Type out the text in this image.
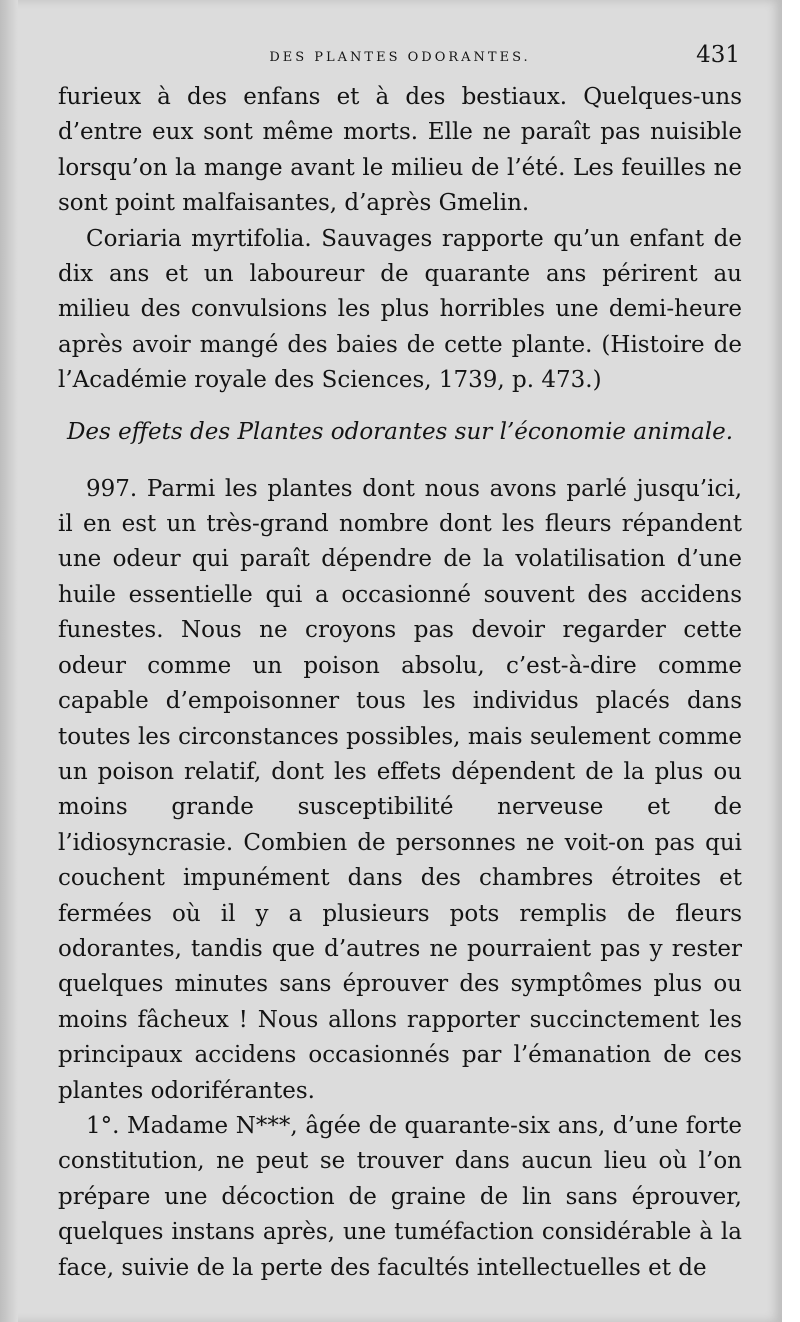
DES PLANTES ODORANTES.	431

furieux à des enfans et à des bestiaux. Quelques-uns d’entre eux sont même morts. Elle ne paraît pas nuisible lorsqu’on la mange avant le milieu de l’été. Les feuilles ne sont point malfaisantes, d’après Gmelin.

Coriaria myrtifolia. Sauvages rapporte qu’un enfant de dix ans et un laboureur de quarante ans périrent au milieu des convulsions les plus horribles une demi-heure après avoir mangé des baies de cette plante. (Histoire de l’Académie royale des Sciences, 1739, p. 473.)

Des effets des Plantes odorantes sur l’économie animale.

997. Parmi les plantes dont nous avons parlé jusqu’ici, il en est un très-grand nombre dont les fleurs répandent une odeur qui paraît dépendre de la volatilisation d’une huile essentielle qui a occasionné souvent des accidens funestes. Nous ne croyons pas devoir regarder cette odeur comme un poison absolu, c’est-à-dire comme capable d’empoisonner tous les individus placés dans toutes les circonstances possibles, mais seulement comme un poison relatif, dont les effets dépendent de la plus ou moins grande susceptibilité nerveuse et de l’idiosyncrasie. Combien de personnes ne voit-on pas qui couchent impunément dans des chambres étroites et fermées où il y a plusieurs pots remplis de fleurs odorantes, tandis que d’autres ne pourraient pas y rester quelques minutes sans éprouver des symptômes plus ou moins fâcheux ! Nous allons rapporter succinctement les principaux accidens occasionnés par l’émanation de ces plantes odoriférantes.

1°. Madame N***, âgée de quarante-six ans, d’une forte constitution, ne peut se trouver dans aucun lieu où l’on prépare une décoction de graine de lin sans éprouver, quelques instans après, une tuméfaction considérable à la face, suivie de la perte des facultés intellectuelles et de
